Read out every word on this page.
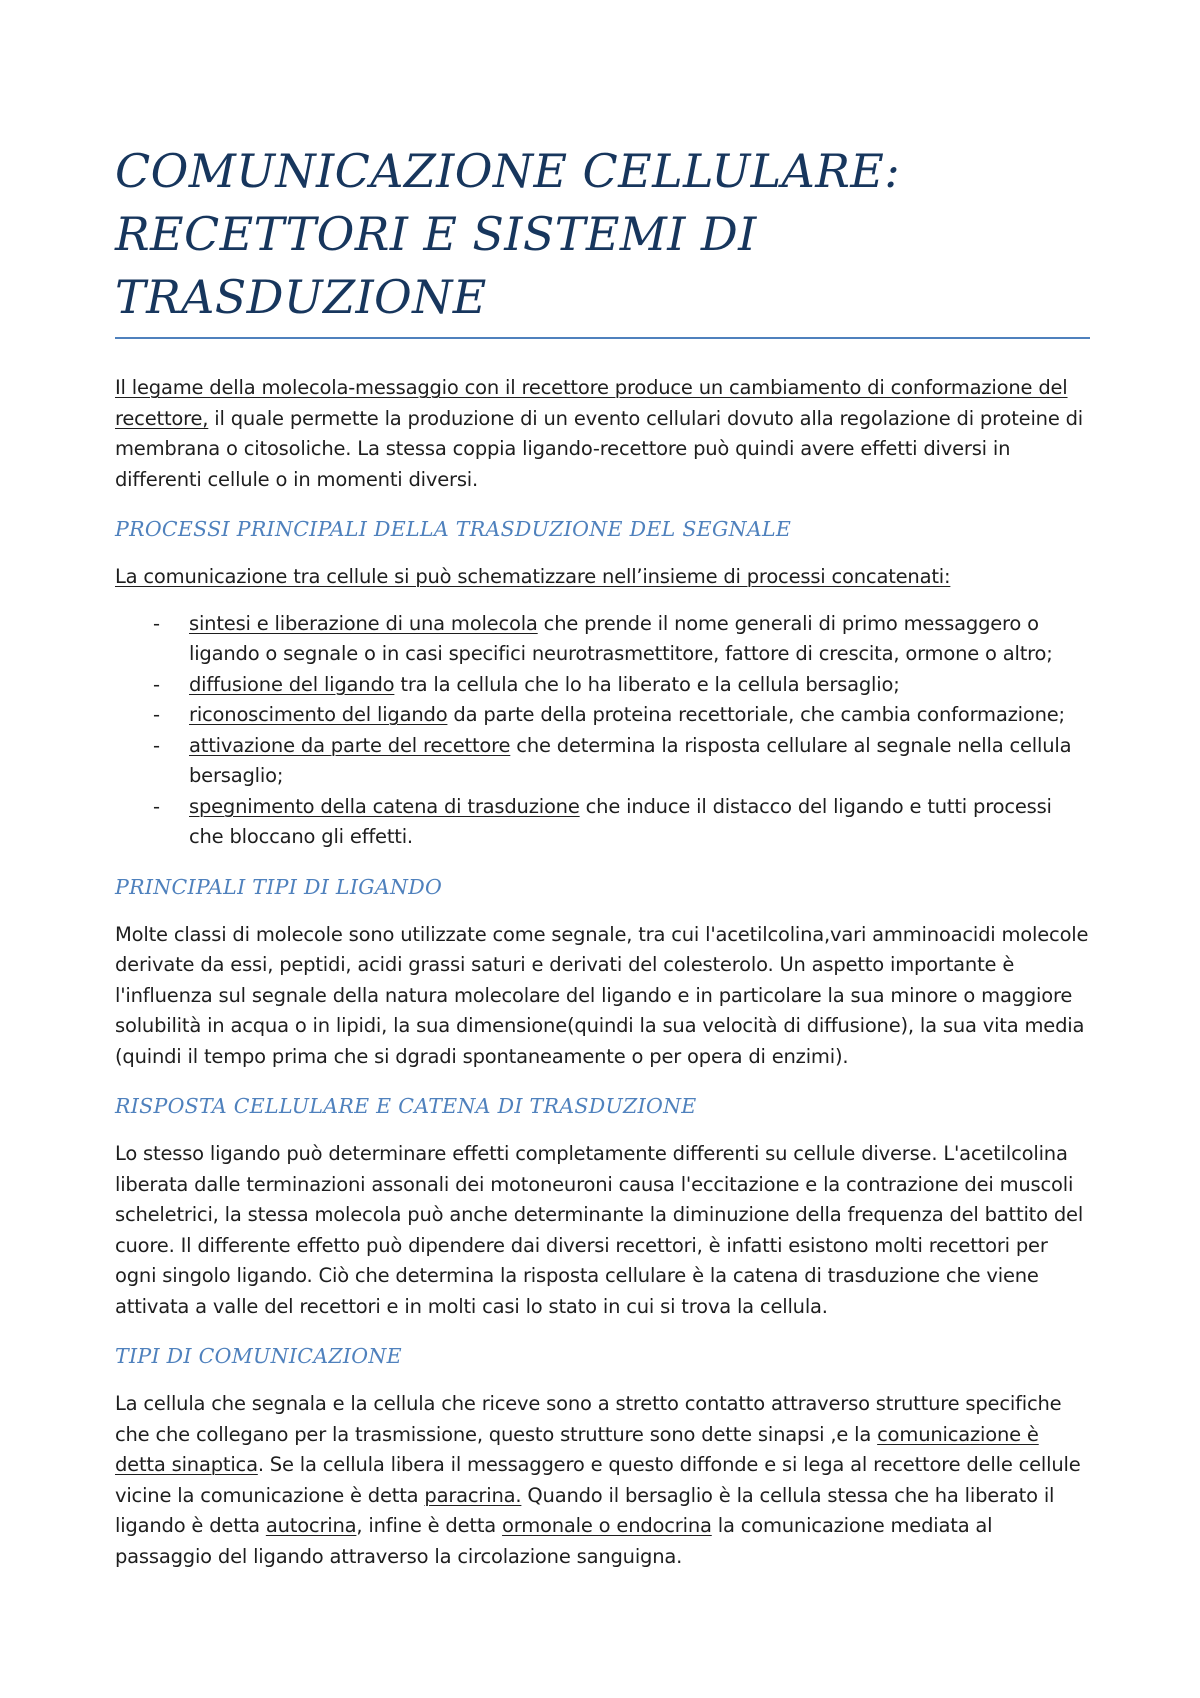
COMUNICAZIONE CELLULARE: RECETTORI E SISTEMI DI TRASDUZIONE

Il legame della molecola-messaggio con il recettore produce un cambiamento di conformazione del recettore, il quale permette la produzione di un evento cellulari dovuto alla regolazione di proteine di membrana o citosoliche. La stessa coppia ligando-recettore può quindi avere effetti diversi in differenti cellule o in momenti diversi.

PROCESSI PRINCIPALI DELLA TRASDUZIONE DEL SEGNALE

La comunicazione tra cellule si può schematizzare nell’insieme di processi concatenati:

- sintesi e liberazione di una molecola che prende il nome generali di primo messaggero o ligando o segnale o in casi specifici neurotrasmettitore, fattore di crescita, ormone o altro;
- diffusione del ligando tra la cellula che lo ha liberato e la cellula bersaglio;
- riconoscimento del ligando da parte della proteina recettoriale, che cambia conformazione;
- attivazione da parte del recettore che determina la risposta cellulare al segnale nella cellula bersaglio;
- spegnimento della catena di trasduzione che induce il distacco del ligando e tutti processi che bloccano gli effetti.
PRINCIPALI TIPI DI LIGANDO

Molte classi di molecole sono utilizzate come segnale, tra cui l'acetilcolina,vari amminoacidi molecole derivate da essi, peptidi, acidi grassi saturi e derivati del colesterolo. Un aspetto importante è l'influenza sul segnale della natura molecolare del ligando e in particolare la sua minore o maggiore solubilità in acqua o in lipidi, la sua dimensione(quindi la sua velocità di diffusione), la sua vita media (quindi il tempo prima che si dgradi spontaneamente o per opera di enzimi).

RISPOSTA CELLULARE E CATENA DI TRASDUZIONE

Lo stesso ligando può determinare effetti completamente differenti su cellule diverse. L'acetilcolina liberata dalle terminazioni assonali dei motoneuroni causa l'eccitazione e la contrazione dei muscoli scheletrici, la stessa molecola può anche determinante la diminuzione della frequenza del battito del cuore. Il differente effetto può dipendere dai diversi recettori, è infatti esistono molti recettori per ogni singolo ligando. Ciò che determina la risposta cellulare è la catena di trasduzione che viene attivata a valle del recettori e in molti casi lo stato in cui si trova la cellula.

TIPI DI COMUNICAZIONE

La cellula che segnala e la cellula che riceve sono a stretto contatto attraverso strutture specifiche che che collegano per la trasmissione, questo strutture sono dette sinapsi ,e la comunicazione è detta sinaptica. Se la cellula libera il messaggero e questo diffonde e si lega al recettore delle cellule vicine la comunicazione è detta paracrina. Quando il bersaglio è la cellula stessa che ha liberato il ligando è detta autocrina, infine è detta ormonale o endocrina la comunicazione mediata al passaggio del ligando attraverso la circolazione sanguigna.
